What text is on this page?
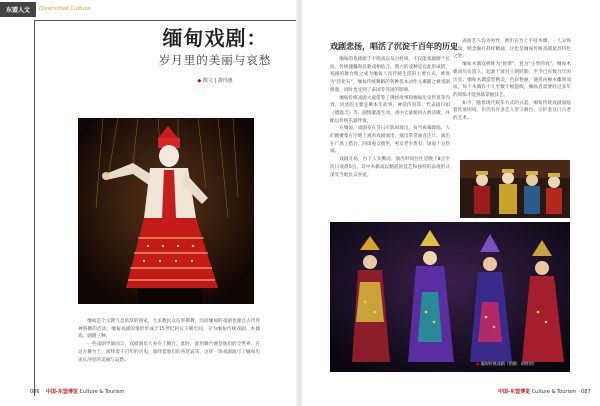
东盟人文	Diversified Culture
缅甸戏剧：
岁月里的美丽与哀愁
◆ 撰文 | 萧玛惠

缅甸是个宗教气息浓厚的国家，大多数民众信奉佛教，因而缅甸的戏剧也源自古代拜神祭佛的活动。缅甸戏剧的雏形形成于15世纪阿瓦王朝年间，分为缅甸传统戏剧、木偶戏、剧剧三种。

一些戏剧导演而言，戏剧演员大多在上舞台。此时，此刻舞台便是他们的全世界，在这方舞台上，演绎着千百年的历史，演绎着他们的喜怒哀乐，这样一场戏剧演尽了缅甸历史长河里的美丽与哀愁。

086 中国-东盟博览 Culture & Tourism
戏剧悲扬，唱活了沉淀千百年的历史

缅甸的戏剧源于不唱戏以及百姓叫，不仅能戏剧源于民间，传统傀儡和民歌戏相结合。新兴的戏种是以此形成的，戏剧的舞台使之成为缅甸人民传统生活的主要方式，被誉为"活化石"，缅甸传统舞蹈的各种基本动作元素随之被戏剧吸收，同时也受到了泰国等邻国的影响。

缅甸传统戏剧大量借鉴了佛经故事和缅甸历史传说等内容。讲述的主要是佛本生故事、神话传说等。代表剧目如《德温吉》等，剧情紧凑生动，戏中大量使用古典诗歌，并配以传统乐器伴奏。

在缅甸，戏剧多在节日庆典时演出。每当夜幕降临，人们便聚集在空地上观看戏剧演出，演出常常通宵达旦。演出在广场上搭台，四周观众围坐，男女老少皆有，场面十分热闹。

戏剧开场，台下人头攒动，演出时间往往是晚上8点至次日凌晨5点，其中木偶戏以精湛的技艺和独特的表现形式深受当地民众喜爱。

表演艺人均为男性，他们在台上手持木偶，一人分饰数角，唱念做打样样精通，这也是缅甸传统戏剧最具特色之处。

缅甸木偶戏被称为"悦斯"，意为"小型的戏"。缅甸木偶戏历史悠久，起源于蒲甘王朝时期，至今已有数百年的历史。缅甸木偶造型精美，色彩艳丽，通常由柚木雕刻而成，每个木偶有十几至数十根提线，操纵者需要经过多年的训练才能熟练掌握技艺。

如今，随着现代娱乐方式的兴起，缅甸传统戏剧面临着传承困境，但仍有许多艺人坚守舞台，守护着这门古老的艺术。

● 缅甸传统戏剧（图源：网络图）
中国-东盟博览 Culture & Tourism 087
